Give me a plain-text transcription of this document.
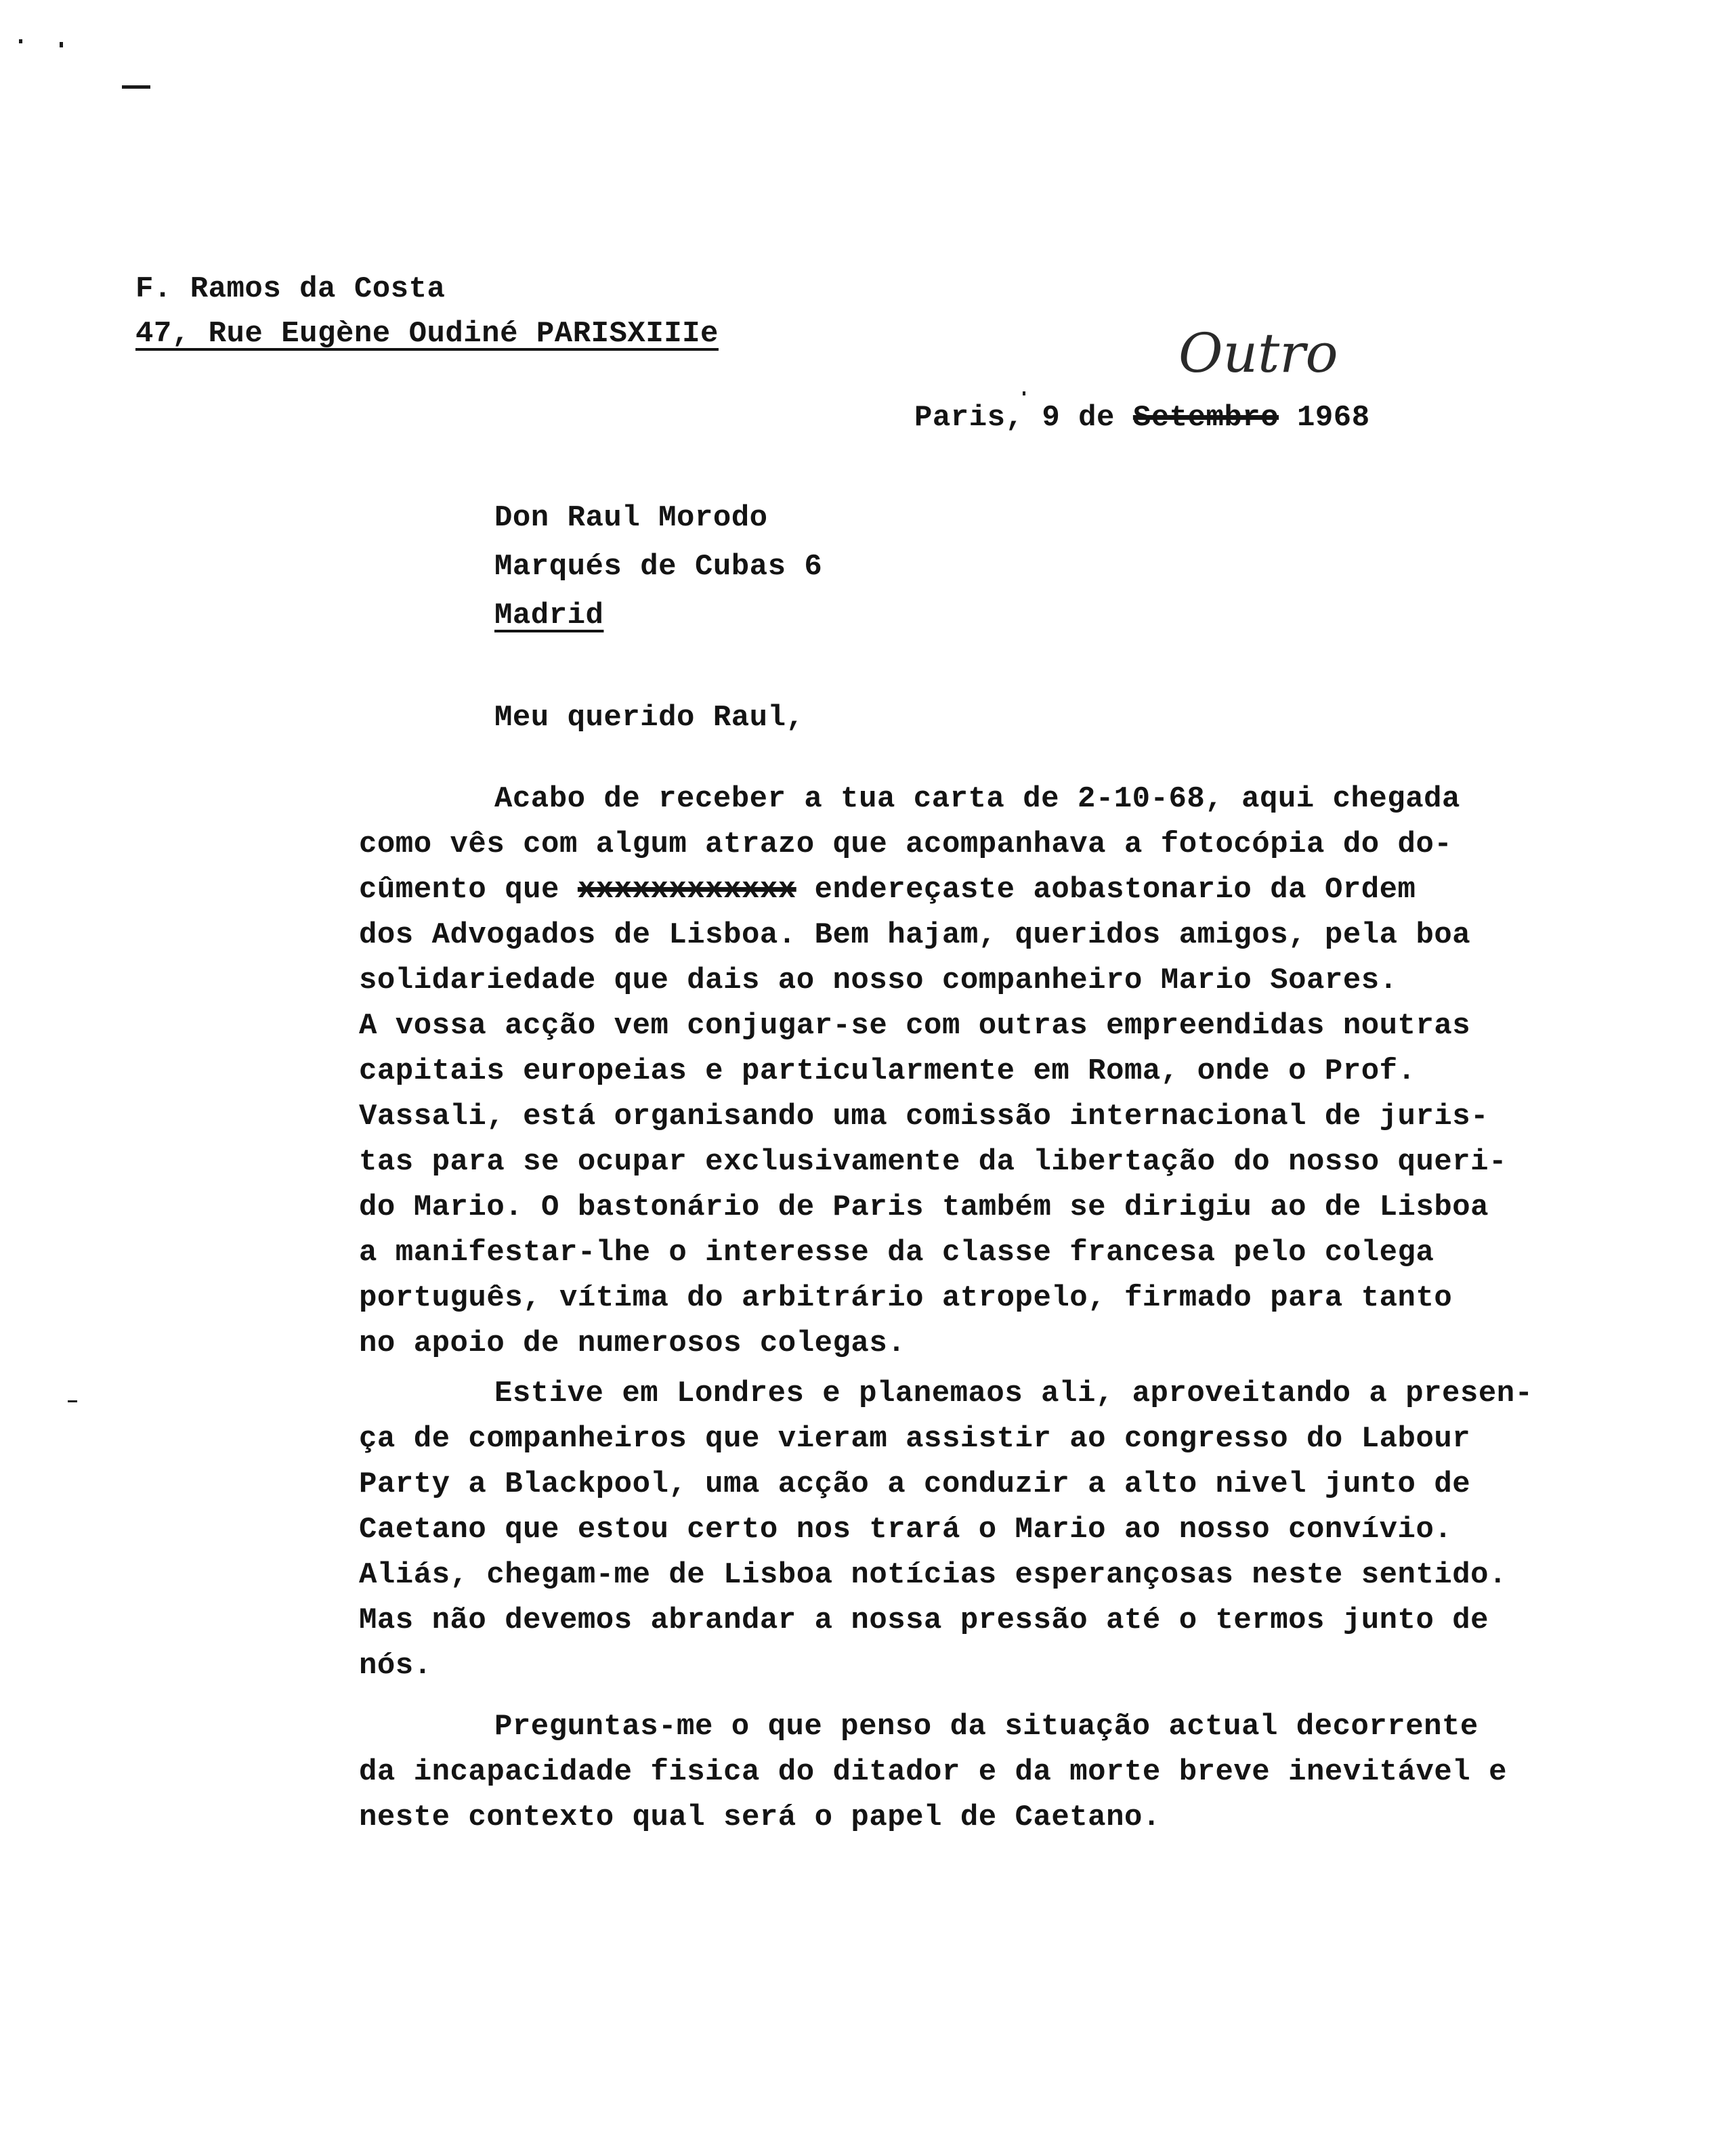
F. Ramos da Costa

47, Rue Eugène Oudiné PARISXIIIe	Outro

Paris, 9 de Setembro 1968

Don Raul Morodo

Marqués de Cubas 6

Madrid

Meu querido Raul,

Acabo de receber a tua carta de 2-10-68, aqui chegada

como vês com algum atrazo que acompanhava a fotocópia do do-

cûmento que xxxxxxxxxxxx endereçaste aobastonario da Ordem

dos Advogados de Lisboa. Bem hajam, queridos amigos, pela boa

solidariedade que dais ao nosso companheiro Mario Soares.

A vossa acção vem conjugar-se com outras empreendidas noutras

capitais europeias e particularmente em Roma, onde o Prof.

Vassali, está organisando uma comissão internacional de juris-

tas para se ocupar exclusivamente da libertação do nosso queri-

do Mario. O bastonário de Paris também se dirigiu ao de Lisboa

a manifestar-lhe o interesse da classe francesa pelo colega

português, vítima do arbitrário atropelo, firmado para tanto

no apoio de numerosos colegas.

Estive em Londres e planemaos ali, aproveitando a presen-

ça de companheiros que vieram assistir ao congresso do Labour

Party a Blackpool, uma acção a conduzir a alto nivel junto de

Caetano que estou certo nos trará o Mario ao nosso convívio.

Aliás, chegam-me de Lisboa notícias esperançosas neste sentido.

Mas não devemos abrandar a nossa pressão até o termos junto de

nós.

Preguntas-me o que penso da situação actual decorrente

da incapacidade fisica do ditador e da morte breve inevitável e

neste contexto qual será o papel de Caetano.
